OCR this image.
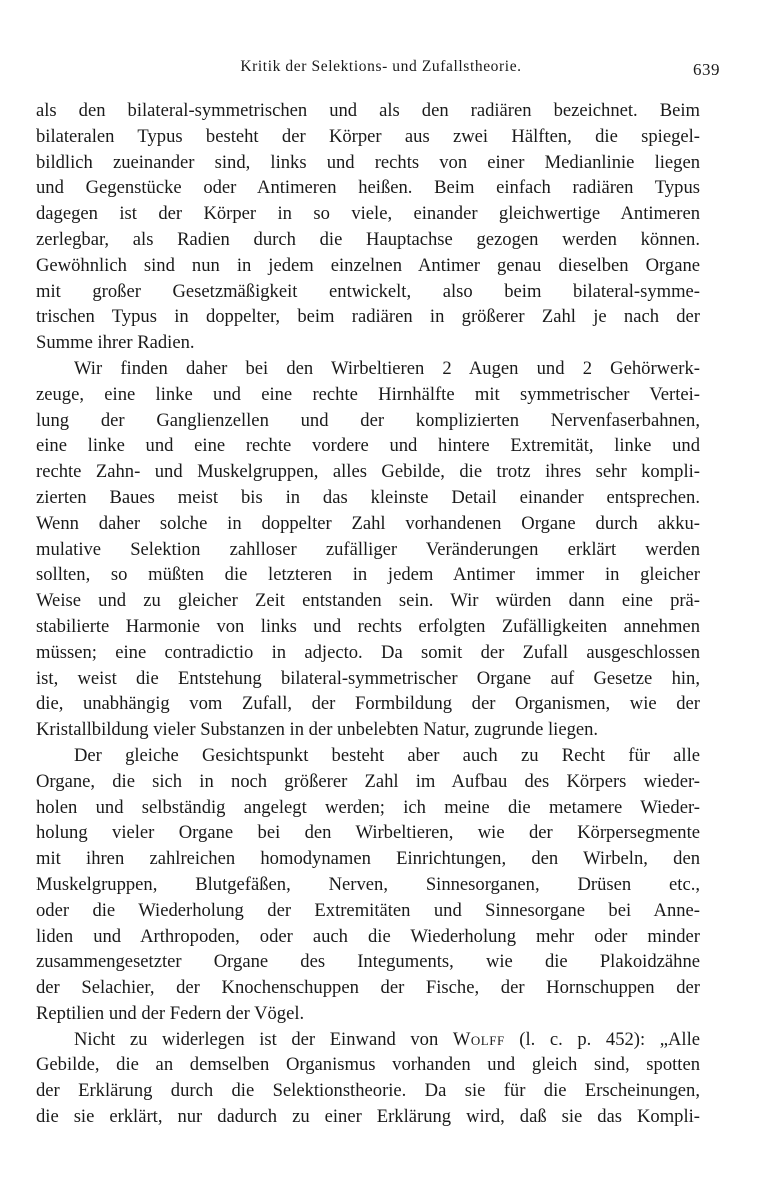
Kritik der Selektions- und Zufallstheorie.	639
als den bilateral-symmetrischen und als den radiären bezeichnet. Beim
bilateralen Typus besteht der Körper aus zwei Hälften, die spiegel-
bildlich zueinander sind, links und rechts von einer Medianlinie liegen
und Gegenstücke oder Antimeren heißen. Beim einfach radiären Typus
dagegen ist der Körper in so viele, einander gleichwertige Antimeren
zerlegbar, als Radien durch die Hauptachse gezogen werden können.
Gewöhnlich sind nun in jedem einzelnen Antimer genau dieselben Organe
mit großer Gesetzmäßigkeit entwickelt, also beim bilateral-symme-
trischen Typus in doppelter, beim radiären in größerer Zahl je nach der
Summe ihrer Radien.
Wir finden daher bei den Wirbeltieren 2 Augen und 2 Gehörwerk-
zeuge, eine linke und eine rechte Hirnhälfte mit symmetrischer Vertei-
lung der Ganglienzellen und der komplizierten Nervenfaserbahnen,
eine linke und eine rechte vordere und hintere Extremität, linke und
rechte Zahn- und Muskelgruppen, alles Gebilde, die trotz ihres sehr kompli-
zierten Baues meist bis in das kleinste Detail einander entsprechen.
Wenn daher solche in doppelter Zahl vorhandenen Organe durch akku-
mulative Selektion zahlloser zufälliger Veränderungen erklärt werden
sollten, so müßten die letzteren in jedem Antimer immer in gleicher
Weise und zu gleicher Zeit entstanden sein. Wir würden dann eine prä-
stabilierte Harmonie von links und rechts erfolgten Zufälligkeiten annehmen
müssen; eine contradictio in adjecto. Da somit der Zufall ausgeschlossen
ist, weist die Entstehung bilateral-symmetrischer Organe auf Gesetze hin,
die, unabhängig vom Zufall, der Formbildung der Organismen, wie der
Kristallbildung vieler Substanzen in der unbelebten Natur, zugrunde liegen.
Der gleiche Gesichtspunkt besteht aber auch zu Recht für alle
Organe, die sich in noch größerer Zahl im Aufbau des Körpers wieder-
holen und selbständig angelegt werden; ich meine die metamere Wieder-
holung vieler Organe bei den Wirbeltieren, wie der Körpersegmente
mit ihren zahlreichen homodynamen Einrichtungen, den Wirbeln, den
Muskelgruppen, Blutgefäßen, Nerven, Sinnesorganen, Drüsen etc.,
oder die Wiederholung der Extremitäten und Sinnesorgane bei Anne-
liden und Arthropoden, oder auch die Wiederholung mehr oder minder
zusammengesetzter Organe des Integuments, wie die Plakoidzähne
der Selachier, der Knochenschuppen der Fische, der Hornschuppen der
Reptilien und der Federn der Vögel.
Nicht zu widerlegen ist der Einwand von Wolff (l. c. p. 452): „Alle
Gebilde, die an demselben Organismus vorhanden und gleich sind, spotten
der Erklärung durch die Selektionstheorie. Da sie für die Erscheinungen,
die sie erklärt, nur dadurch zu einer Erklärung wird, daß sie das Kompli-
